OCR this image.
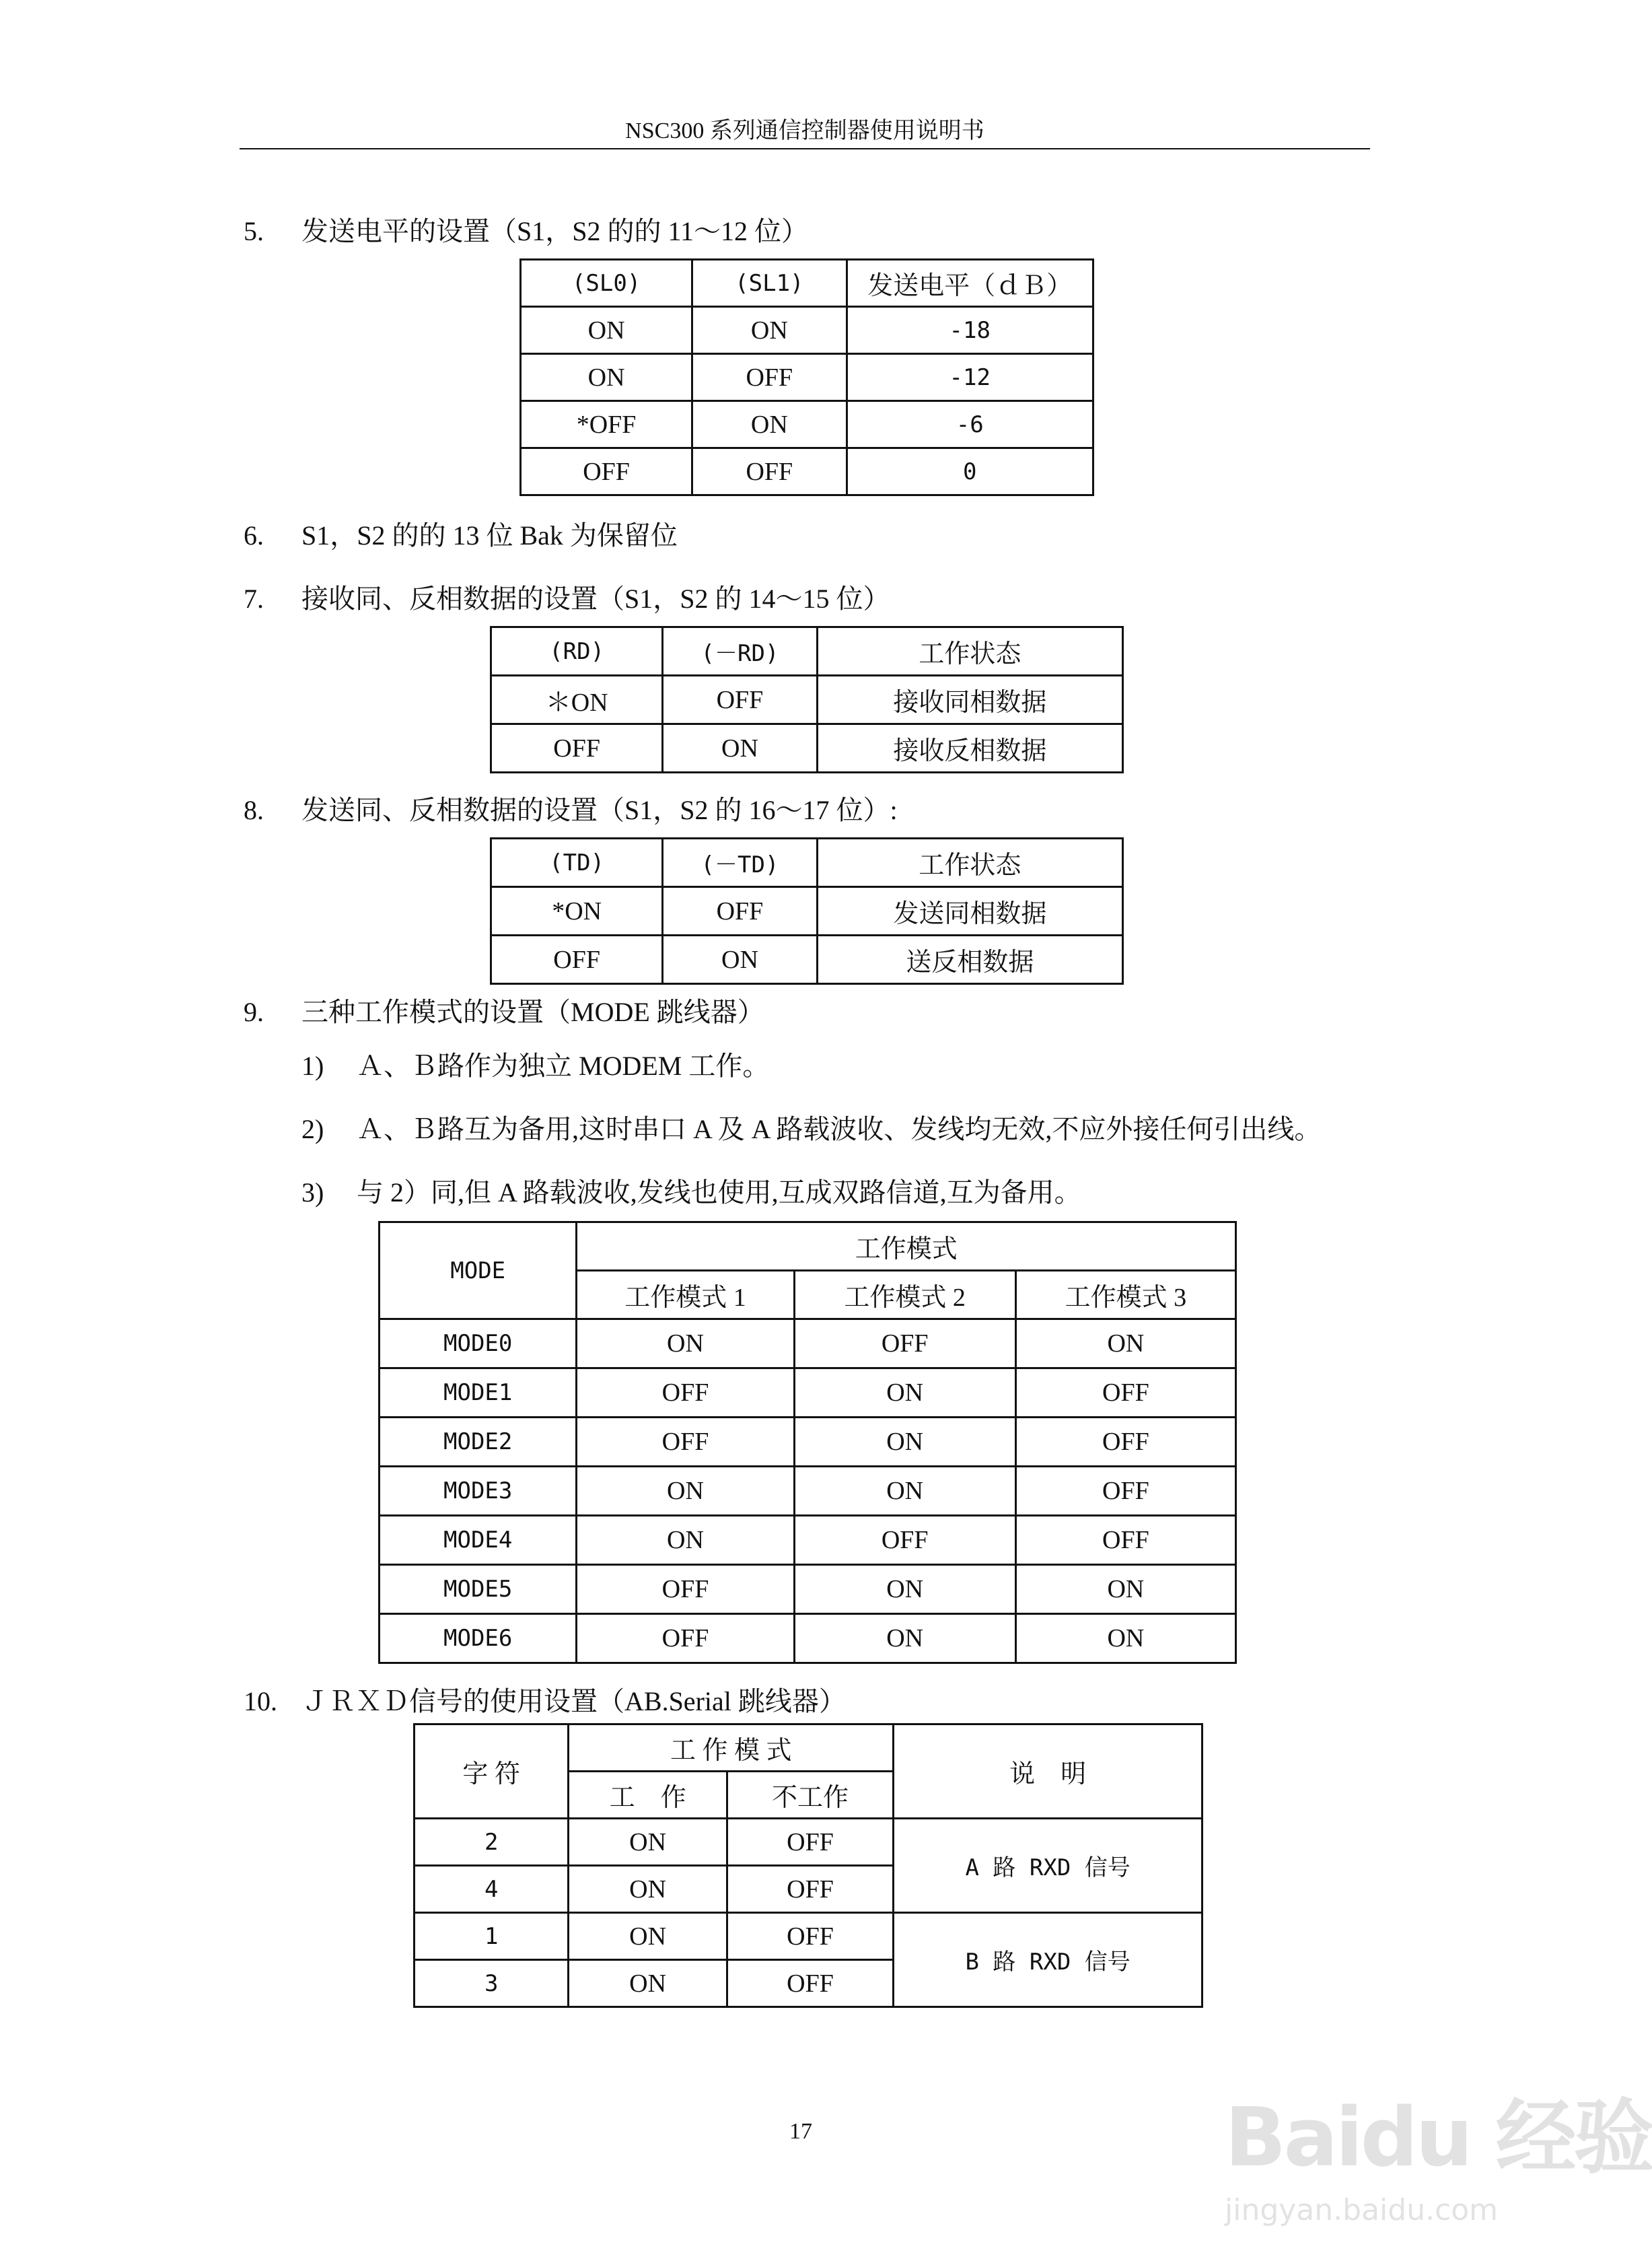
NSC300 系列通信控制器使用说明书
5. 发送电平的设置（S1，S2 的的 11～12 位）
(SL0)	(SL1)	发送电平（ｄＢ）
ON	ON	-18
ON	OFF	-12
*OFF	ON	-6
OFF	OFF	0
6. S1，S2 的的 13 位 Bak 为保留位
7. 接收同、反相数据的设置（S1，S2 的 14～15 位）
(RD)	(－RD)	工作状态
＊ON	OFF	接收同相数据
OFF	ON	接收反相数据
8. 发送同、反相数据的设置（S1，S2 的 16～17 位）:
(TD)	(－TD)	工作状态
*ON	OFF	发送同相数据
OFF	ON	送反相数据
9. 三种工作模式的设置（MODE 跳线器）
1) Ａ、Ｂ路作为独立 MODEM 工作。
2) Ａ、Ｂ路互为备用,这时串口 A 及 A 路载波收、发线均无效,不应外接任何引出线。
3) 与 2）同,但 A 路载波收,发线也使用,互成双路信道,互为备用。
MODE	工作模式		
	工作模式 1	工作模式 2	工作模式 3
MODE0	ON	OFF	ON
MODE1	OFF	ON	OFF
MODE2	OFF	ON	OFF
MODE3	ON	ON	OFF
MODE4	ON	OFF	OFF
MODE5	OFF	ON	ON
MODE6	OFF	ON	ON
10. ＪＲＸＤ信号的使用设置（AB.Serial 跳线器）
字 符	工 作 模 式		说　明
	工　作	不工作	
2	ON	OFF	A 路 RXD 信号
4	ON	OFF	
1	ON	OFF	B 路 RXD 信号
3	ON	OFF	
17	Baidu 经验
jingyan.baidu.com
